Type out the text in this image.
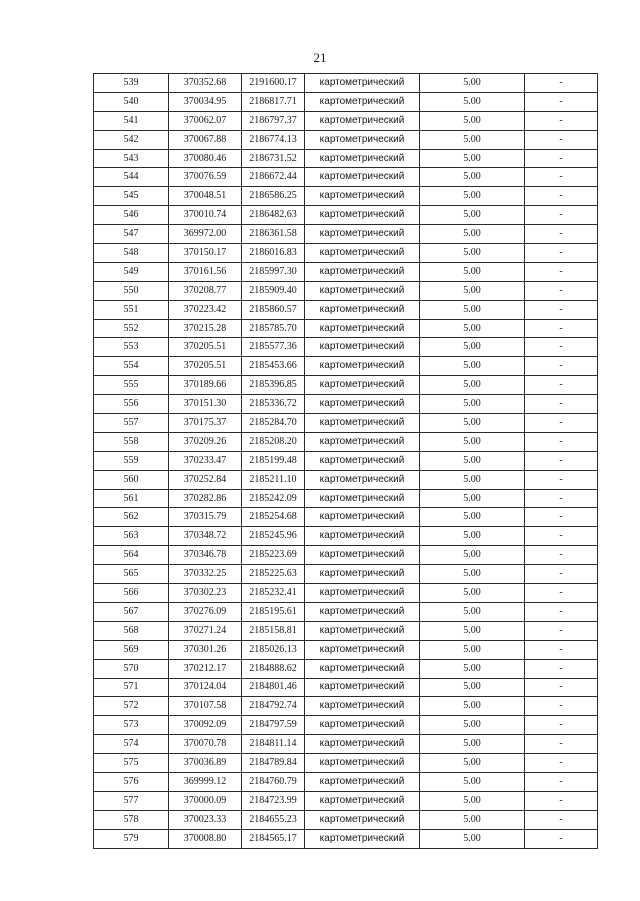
21
539	370352.68	2191600.17	картометрический	5.00	-
540	370034.95	2186817.71	картометрический	5.00	-
541	370062.07	2186797.37	картометрический	5.00	-
542	370067.88	2186774.13	картометрический	5.00	-
543	370080.46	2186731.52	картометрический	5.00	-
544	370076.59	2186672.44	картометрический	5.00	-
545	370048.51	2186586.25	картометрический	5.00	-
546	370010.74	2186482.63	картометрический	5.00	-
547	369972.00	2186361.58	картометрический	5.00	-
548	370150.17	2186016.83	картометрический	5.00	-
549	370161.56	2185997.30	картометрический	5.00	-
550	370208.77	2185909.40	картометрический	5.00	-
551	370223.42	2185860.57	картометрический	5.00	-
552	370215.28	2185785.70	картометрический	5.00	-
553	370205.51	2185577.36	картометрический	5.00	-
554	370205.51	2185453.66	картометрический	5.00	-
555	370189.66	2185396.85	картометрический	5.00	-
556	370151.30	2185336.72	картометрический	5.00	-
557	370175.37	2185284.70	картометрический	5.00	-
558	370209.26	2185208.20	картометрический	5.00	-
559	370233.47	2185199.48	картометрический	5.00	-
560	370252.84	2185211.10	картометрический	5.00	-
561	370282.86	2185242.09	картометрический	5.00	-
562	370315.79	2185254.68	картометрический	5.00	-
563	370348.72	2185245.96	картометрический	5.00	-
564	370346.78	2185223.69	картометрический	5.00	-
565	370332.25	2185225.63	картометрический	5.00	-
566	370302.23	2185232.41	картометрический	5.00	-
567	370276.09	2185195.61	картометрический	5.00	-
568	370271.24	2185158.81	картометрический	5.00	-
569	370301.26	2185026.13	картометрический	5.00	-
570	370212.17	2184888.62	картометрический	5.00	-
571	370124.04	2184801.46	картометрический	5.00	-
572	370107.58	2184792.74	картометрический	5.00	-
573	370092.09	2184797.59	картометрический	5.00	-
574	370070.78	2184811.14	картометрический	5.00	-
575	370036.89	2184789.84	картометрический	5.00	-
576	369999.12	2184760.79	картометрический	5.00	-
577	370000.09	2184723.99	картометрический	5.00	-
578	370023.33	2184655.23	картометрический	5.00	-
579	370008.80	2184565.17	картометрический	5.00	-
